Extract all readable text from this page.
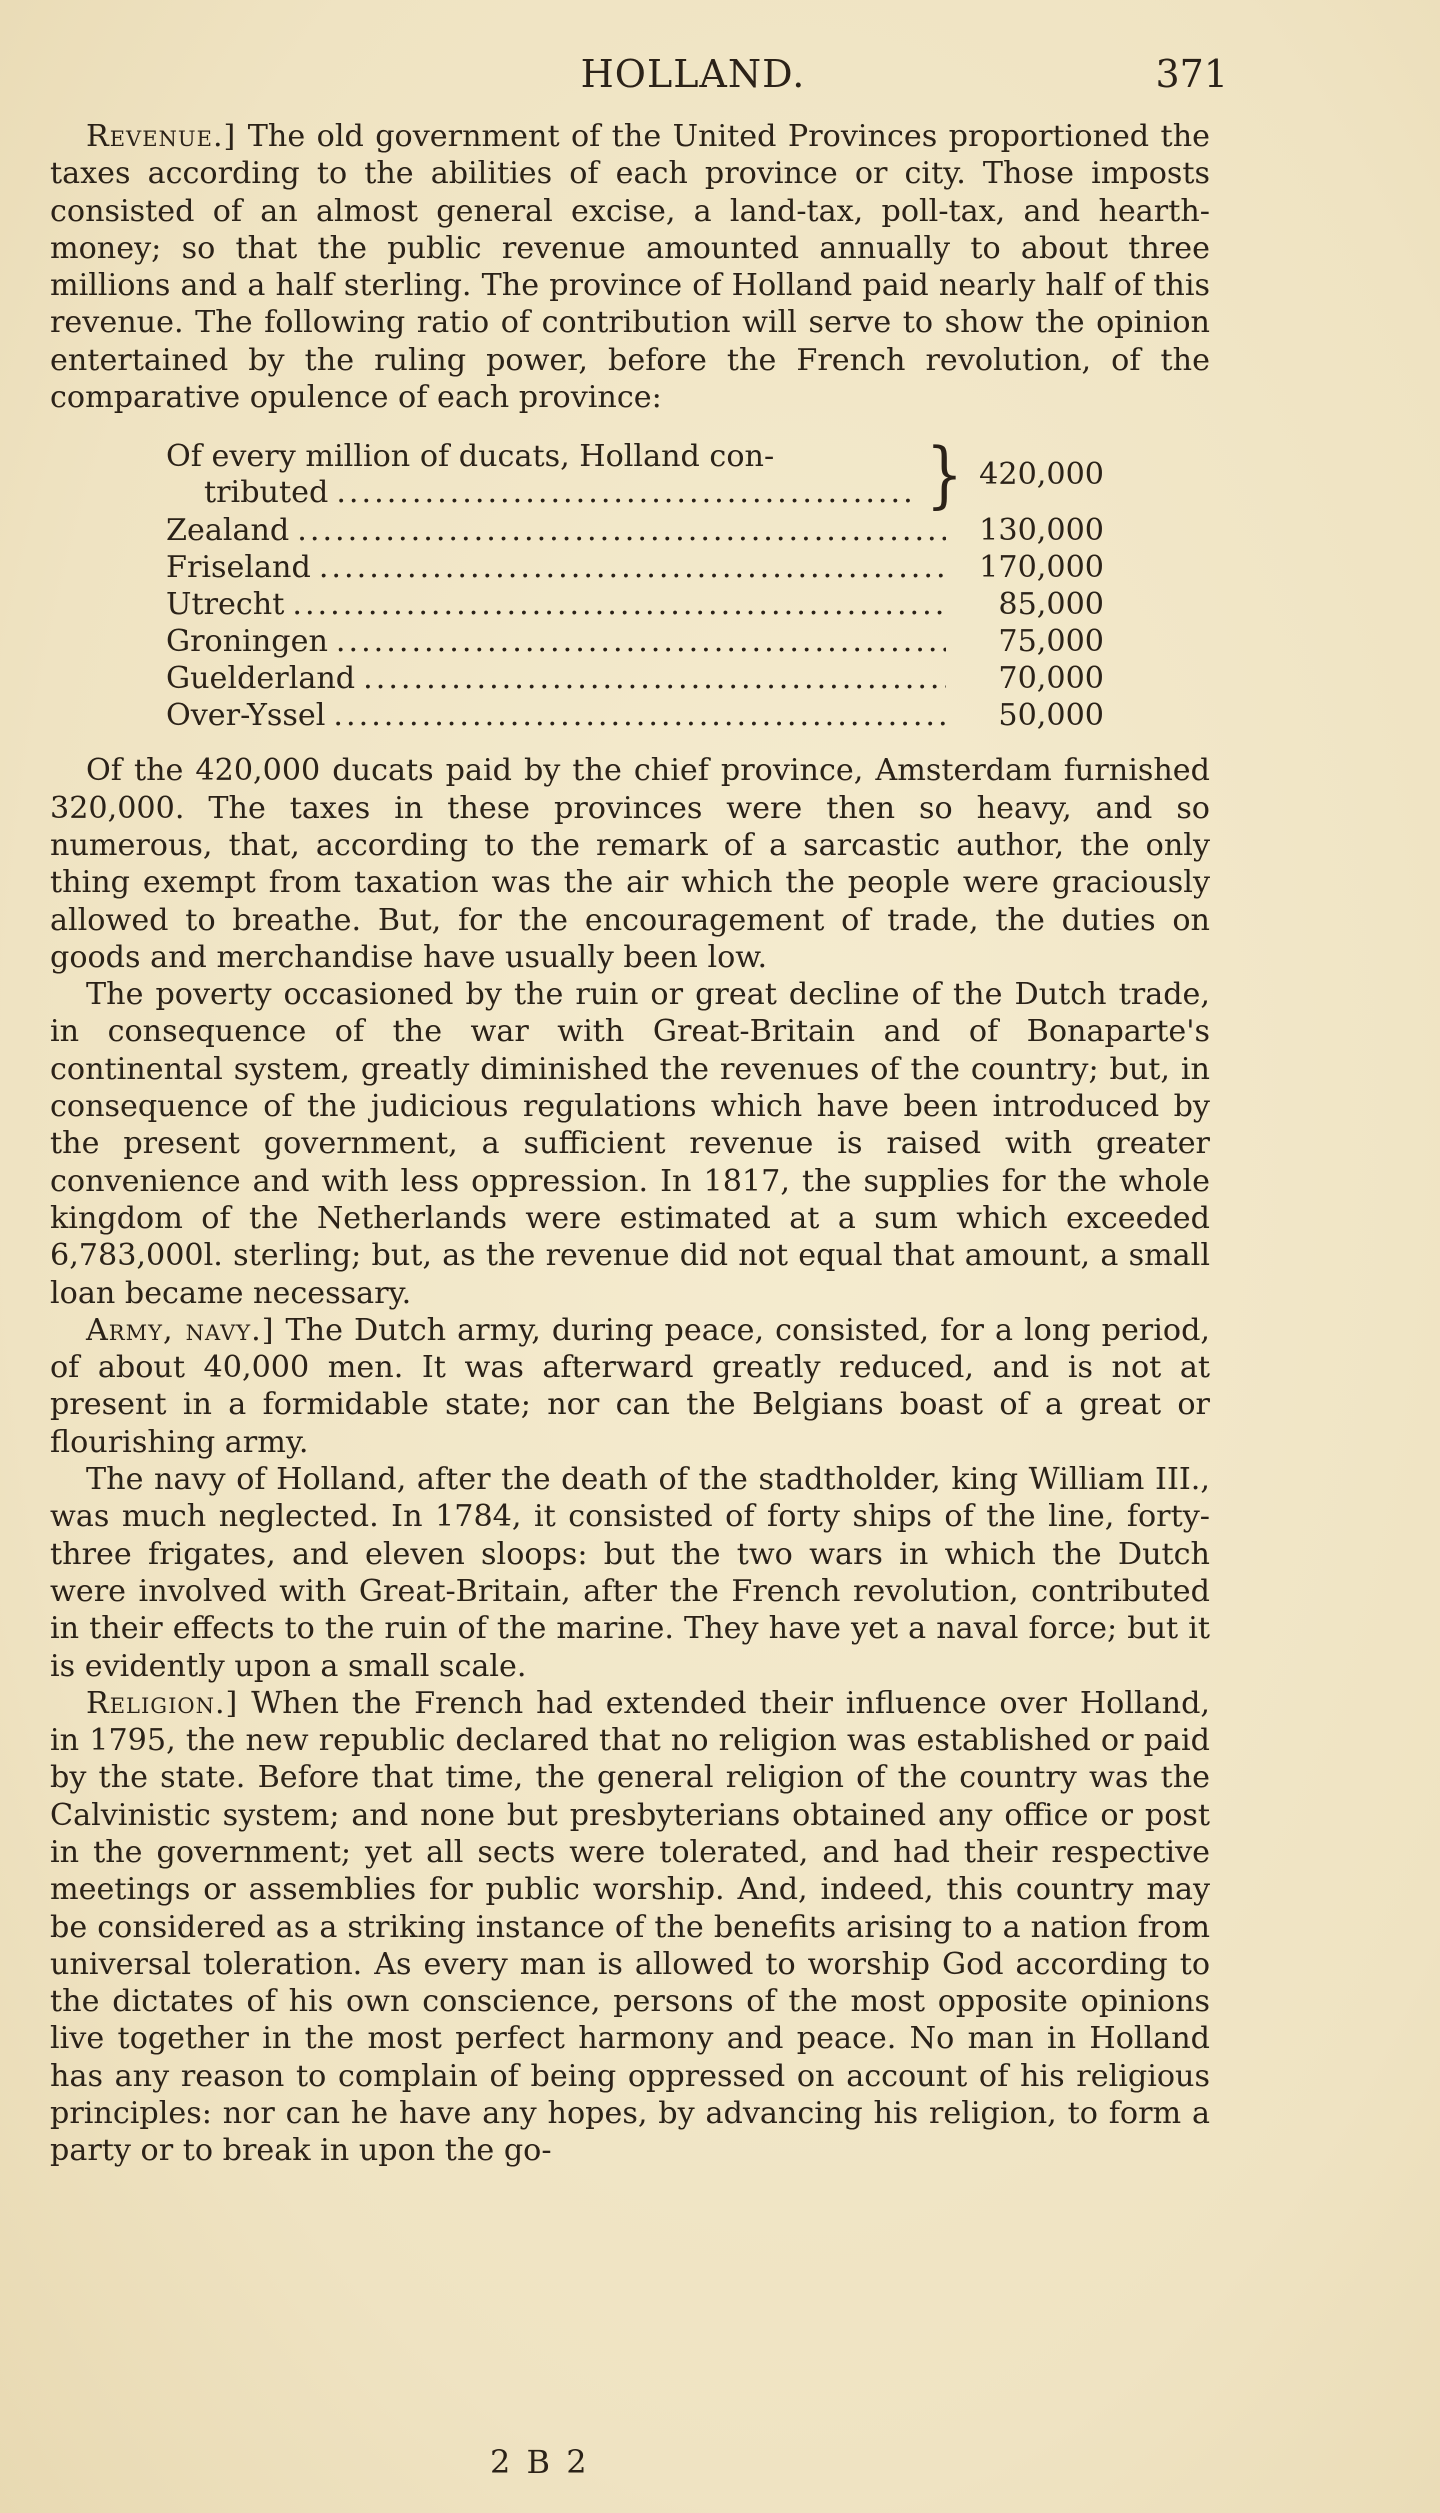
HOLLAND.	371

Revenue.] The old government of the United Provinces proportioned the taxes according to the abilities of each province or city. Those imposts consisted of an almost general excise, a land-tax, poll-tax, and hearth-money; so that the public revenue amounted annually to about three millions and a half sterling. The province of Holland paid nearly half of this revenue. The following ratio of contribution will serve to show the opinion entertained by the ruling power, before the French revolution, of the comparative opulence of each province:

Of every million of ducats, Holland con-
tributed .....	} 420,000
Zealand .....	130,000
Friseland .....	170,000
Utrecht .....	85,000
Groningen .....	75,000
Guelderland .....	70,000
Over-Yssel .....	50,000

Of the 420,000 ducats paid by the chief province, Amsterdam furnished 320,000. The taxes in these provinces were then so heavy, and so numerous, that, according to the remark of a sarcastic author, the only thing exempt from taxation was the air which the people were graciously allowed to breathe. But, for the encouragement of trade, the duties on goods and merchandise have usually been low.

The poverty occasioned by the ruin or great decline of the Dutch trade, in consequence of the war with Great-Britain and of Bonaparte's continental system, greatly diminished the revenues of the country; but, in consequence of the judicious regulations which have been introduced by the present government, a sufficient revenue is raised with greater convenience and with less oppression. In 1817, the supplies for the whole kingdom of the Netherlands were estimated at a sum which exceeded 6,783,000l. sterling; but, as the revenue did not equal that amount, a small loan became necessary.

Army, navy.] The Dutch army, during peace, consisted, for a long period, of about 40,000 men. It was afterward greatly reduced, and is not at present in a formidable state; nor can the Belgians boast of a great or flourishing army.

The navy of Holland, after the death of the stadtholder, king William III., was much neglected. In 1784, it consisted of forty ships of the line, forty-three frigates, and eleven sloops: but the two wars in which the Dutch were involved with Great-Britain, after the French revolution, contributed in their effects to the ruin of the marine. They have yet a naval force; but it is evidently upon a small scale.

Religion.] When the French had extended their influence over Holland, in 1795, the new republic declared that no religion was established or paid by the state. Before that time, the general religion of the country was the Calvinistic system; and none but presbyterians obtained any office or post in the government; yet all sects were tolerated, and had their respective meetings or assemblies for public worship. And, indeed, this country may be considered as a striking instance of the benefits arising to a nation from universal toleration. As every man is allowed to worship God according to the dictates of his own conscience, persons of the most opposite opinions live together in the most perfect harmony and peace. No man in Holland has any reason to complain of being oppressed on account of his religious principles: nor can he have any hopes, by advancing his religion, to form a party or to break in upon the go-

2 B 2
